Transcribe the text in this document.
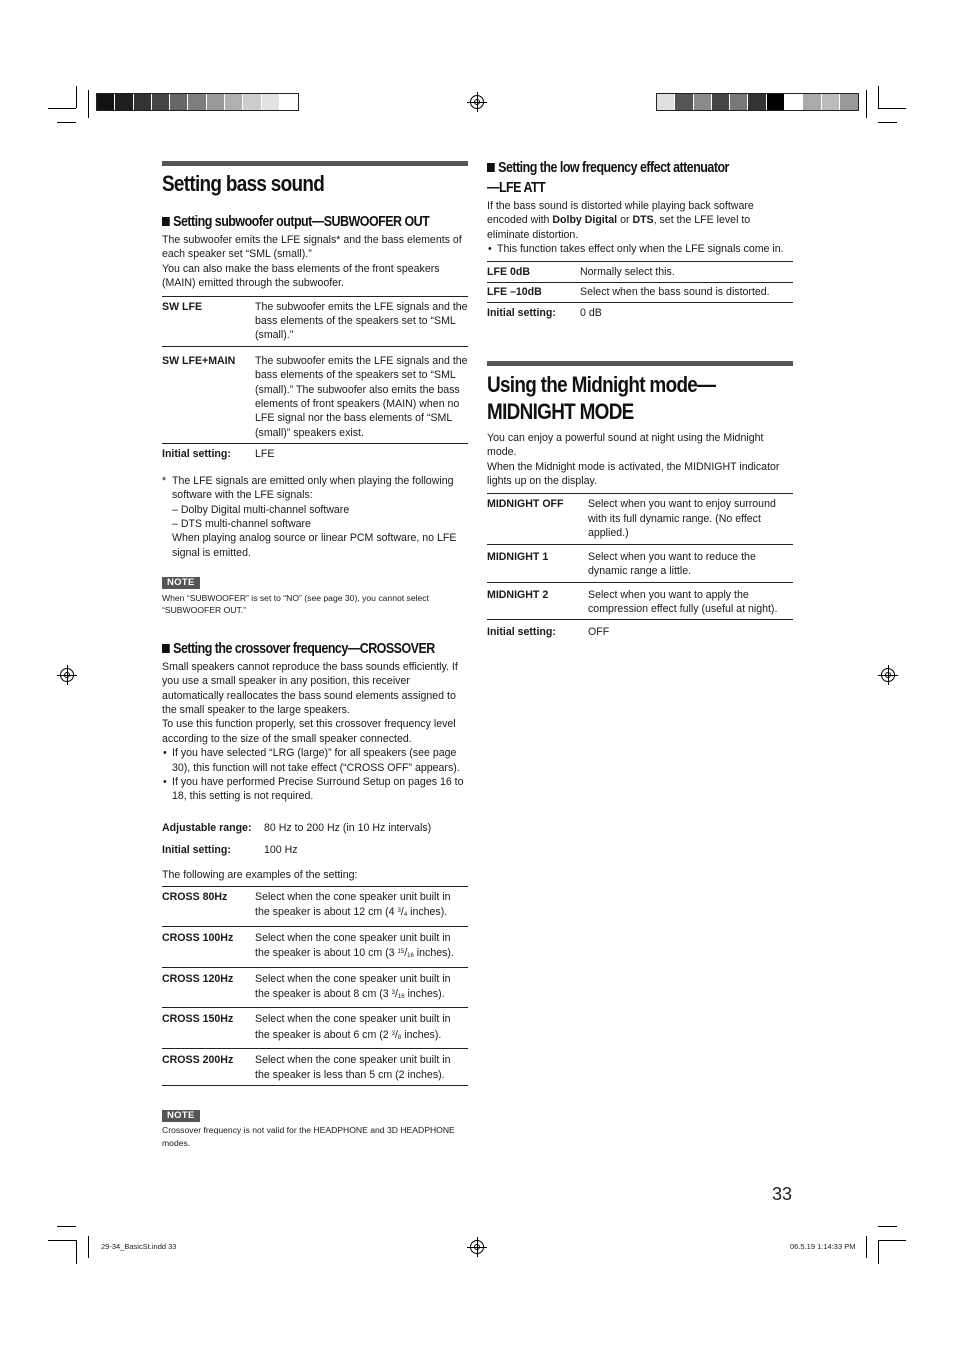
Setting bass sound
Setting subwoofer output—SUBWOOFER OUT

The subwoofer emits the LFE signals* and the bass elements of each speaker set “SML (small).”

You can also make the bass elements of the front speakers (MAIN) emitted through the subwoofer.

SW LFE	The subwoofer emits the LFE signals and the bass elements of the speakers set to “SML (small).”
SW LFE+MAIN	The subwoofer emits the LFE signals and the bass elements of the speakers set to “SML (small).” The subwoofer also emits the bass elements of front speakers (MAIN) when no LFE signal nor the bass elements of “SML (small)” speakers exist.
Initial setting:	LFE
* The LFE signals are emitted only when playing the following software with the LFE signals:
– Dolby Digital multi-channel software
– DTS multi-channel software
When playing analog source or linear PCM software, no LFE signal is emitted.
NOTE

When “SUBWOOFER” is set to “NO” (see page 30), you cannot select “SUBWOOFER OUT.”

Setting the crossover frequency—CROSSOVER

Small speakers cannot reproduce the bass sounds efficiently. If you use a small speaker in any position, this receiver automatically reallocates the bass sound elements assigned to the small speaker to the large speakers.

To use this function properly, set this crossover frequency level according to the size of the small speaker connected.

• If you have selected “LRG (large)” for all speakers (see page 30), this function will not take effect (“CROSS OFF” appears).
• If you have performed Precise Surround Setup on pages 16 to 18, this setting is not required.
Adjustable range:	80 Hz to 200 Hz (in 10 Hz intervals)
Initial setting:	100 Hz

The following are examples of the setting:

CROSS 80Hz	Select when the cone speaker unit built in
the speaker is about 12 cm (4 $^3$/4 inches).

CROSS 100Hz	Select when the cone speaker unit built in
the speaker is about 10 cm (3 $^{15}$/16 inches).

CROSS 120Hz	Select when the cone speaker unit built in
the speaker is about 8 cm (3 $^3$/16 inches).

CROSS 150Hz	Select when the cone speaker unit built in
the speaker is about 6 cm (2 $^3$/8 inches).

CROSS 200Hz	Select when the cone speaker unit built in
the speaker is less than 5 cm (2 inches).
NOTE

Crossover frequency is not valid for the HEADPHONE and 3D HEADPHONE modes.

Setting the low frequency effect attenuator
—LFE ATT

If the bass sound is distorted while playing back software encoded with Dolby Digital or DTS, set the LFE level to eliminate distortion.

• This function takes effect only when the LFE signals come in.
LFE 0dB	Normally select this.
LFE –10dB	Select when the bass sound is distorted.
Initial setting:	0 dB
Using the Midnight mode—
MIDNIGHT MODE

You can enjoy a powerful sound at night using the Midnight mode.

When the Midnight mode is activated, the MIDNIGHT indicator lights up on the display.

MIDNIGHT OFF	Select when you want to enjoy surround with its full dynamic range. (No effect applied.)
MIDNIGHT 1	Select when you want to reduce the dynamic range a little.
MIDNIGHT 2	Select when you want to apply the compression effect fully (useful at night).
Initial setting:	OFF
33
29-34_BasicSt.indd 33	06.5.19 1:14:33 PM
